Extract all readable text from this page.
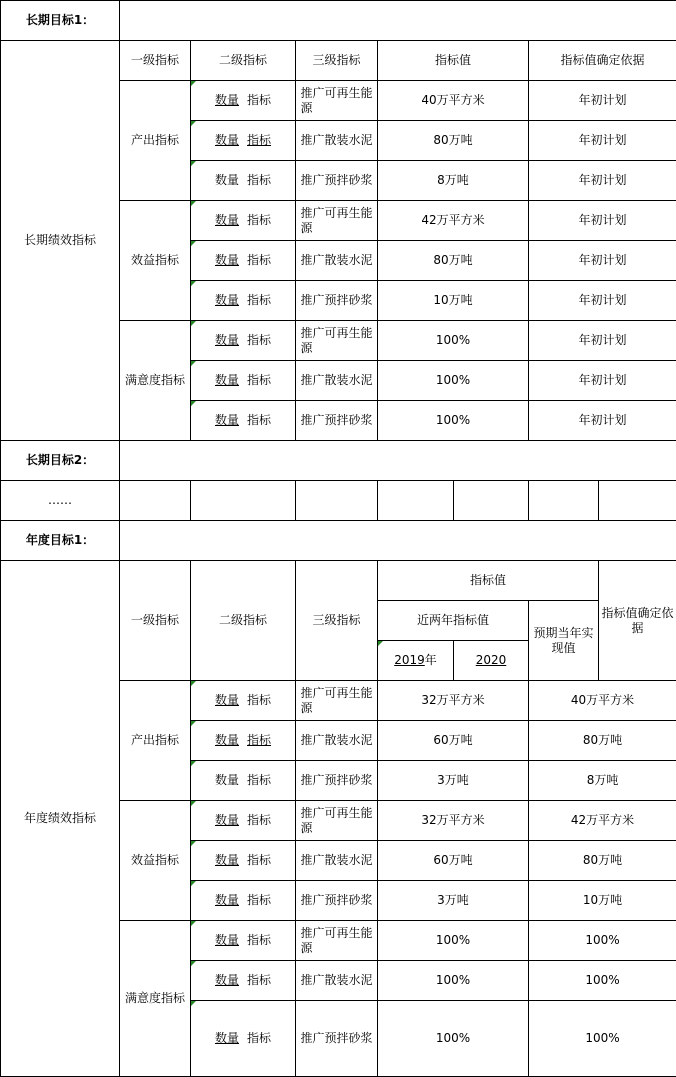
长期目标1：							
长期绩效指标	一级指标	二级指标	三级指标	指标值		指标值确定依据	
	产出指标	数量 指标	推广可再生能源	40万平方米		年初计划	
		数量 指标	推广散装水泥	80万吨		年初计划	
		数量 指标	推广预拌砂浆	8万吨		年初计划	
	效益指标	数量 指标	推广可再生能源	42万平方米		年初计划	
		数量 指标	推广散装水泥	80万吨		年初计划	
		数量 指标	推广预拌砂浆	10万吨		年初计划	
	满意度指标	数量 指标	推广可再生能源	100%		年初计划	
		数量 指标	推广散装水泥	100%		年初计划	
		数量 指标	推广预拌砂浆	100%		年初计划	
长期目标2：							
……							
年度目标1：							
年度绩效指标	一级指标	二级指标	三级指标	指标值			指标值确定依据
				近两年指标值		预期当年实现值	
				2019年	2020		
	产出指标	数量 指标	推广可再生能源	32万平方米		40万平方米	
		数量 指标	推广散装水泥	60万吨		80万吨	
		数量 指标	推广预拌砂浆	3万吨		8万吨	
	效益指标	数量 指标	推广可再生能源	32万平方米		42万平方米	
		数量 指标	推广散装水泥	60万吨		80万吨	
		数量 指标	推广预拌砂浆	3万吨		10万吨	
	满意度指标	数量 指标	推广可再生能源	100%		100%	
		数量 指标	推广散装水泥	100%		100%	
		数量 指标	推广预拌砂浆	100%		100%	
